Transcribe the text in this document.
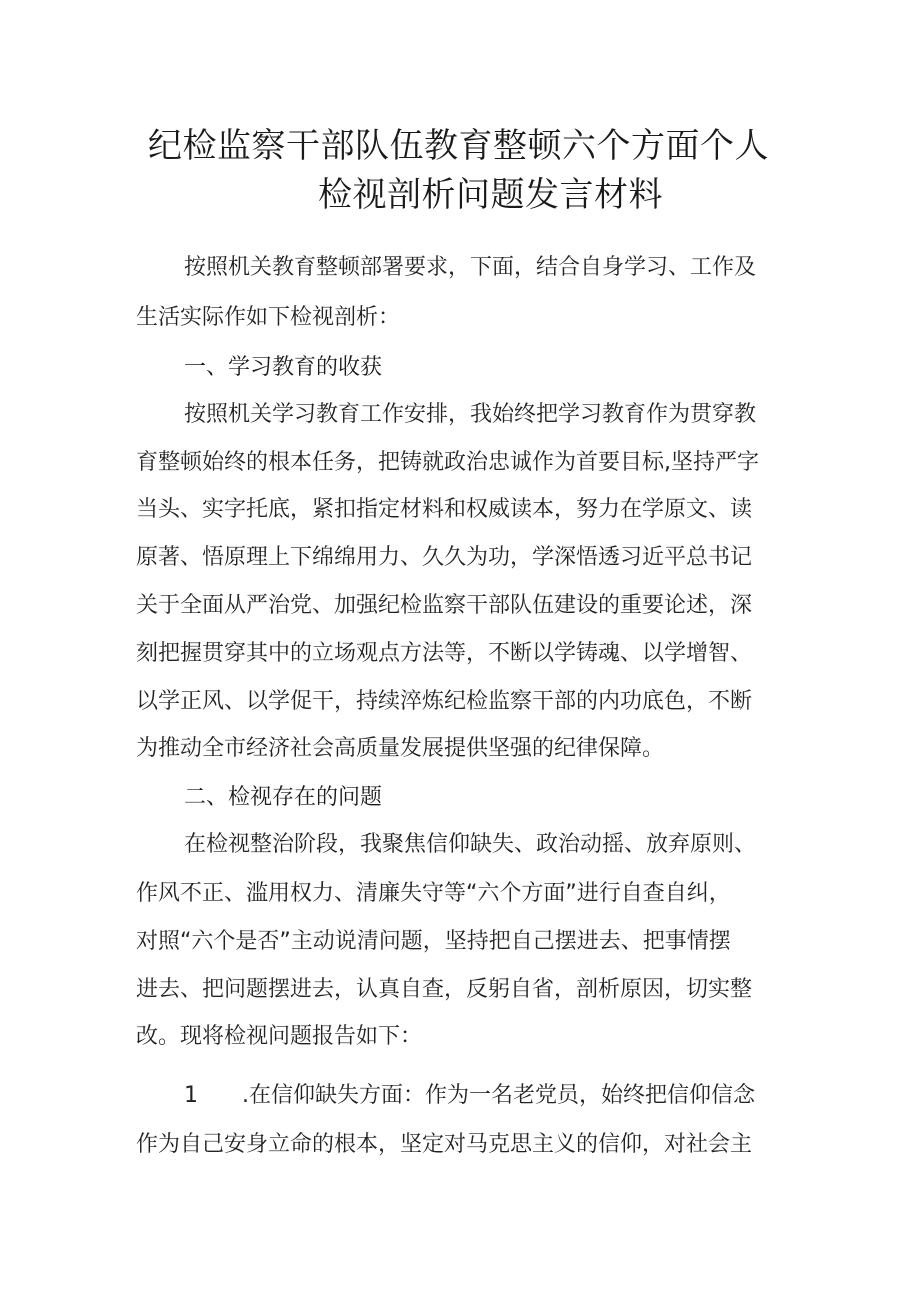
纪检监察干部队伍教育整顿六个方面个人
检视剖析问题发言材料
按照机关教育整顿部署要求，下面，结合自身学习、工作及
生活实际作如下检视剖析：
一、学习教育的收获
按照机关学习教育工作安排，我始终把学习教育作为贯穿教
育整顿始终的根本任务，把铸就政治忠诚作为首要目标,坚持严字
当头、实字托底，紧扣指定材料和权威读本，努力在学原文、读
原著、悟原理上下绵绵用力、久久为功，学深悟透习近平总书记
关于全面从严治党、加强纪检监察干部队伍建设的重要论述，深
刻把握贯穿其中的立场观点方法等，不断以学铸魂、以学增智、
以学正风、以学促干，持续淬炼纪检监察干部的内功底色，不断
为推动全市经济社会高质量发展提供坚强的纪律保障。
二、检视存在的问题
在检视整治阶段，我聚焦信仰缺失、政治动摇、放弃原则、
作风不正、滥用权力、清廉失守等“六个方面”进行自查自纠，
对照“六个是否”主动说清问题，坚持把自己摆进去、把事情摆
进去、把问题摆进去，认真自查，反躬自省，剖析原因，切实整
改。现将检视问题报告如下：
1 .在信仰缺失方面：作为一名老党员，始终把信仰信念
作为自己安身立命的根本，坚定对马克思主义的信仰，对社会主
